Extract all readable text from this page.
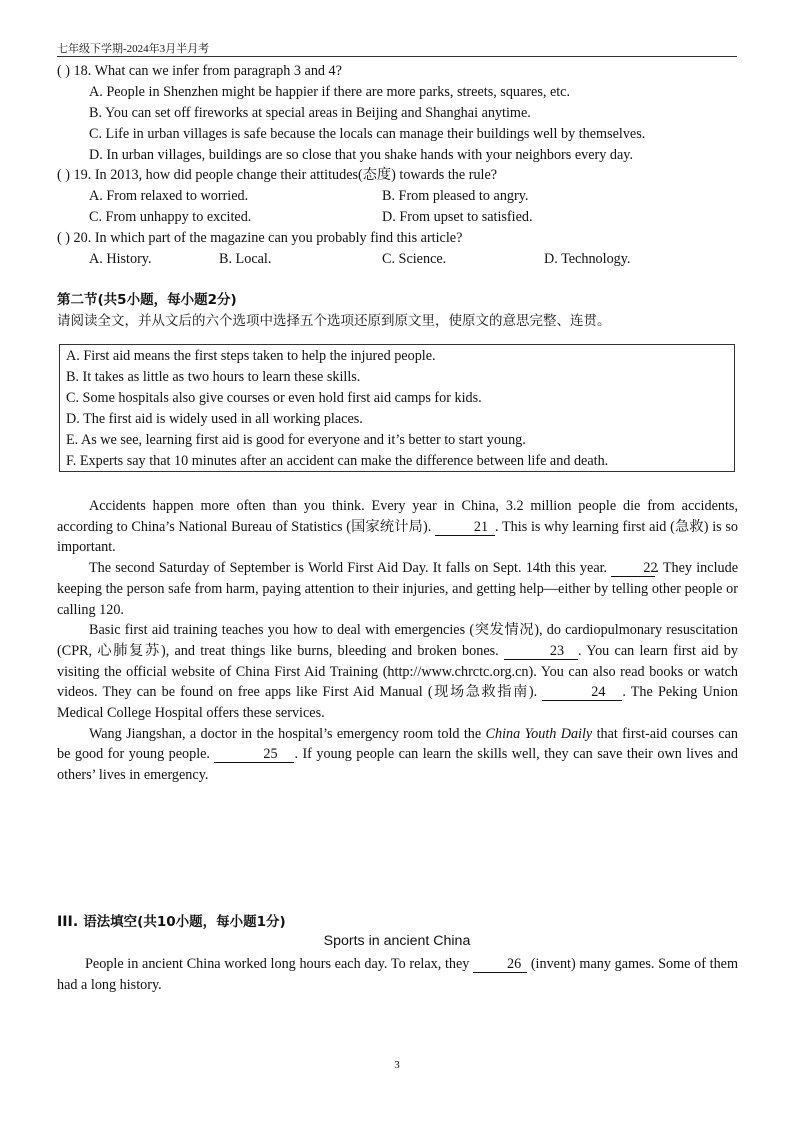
七年级下学期-2024年3月半月考
( ) 18. What can we infer from paragraph 3 and 4?
A. People in Shenzhen might be happier if there are more parks, streets, squares, etc.
B. You can set off fireworks at special areas in Beijing and Shanghai anytime.
C. Life in urban villages is safe because the locals can manage their buildings well by themselves.
D. In urban villages, buildings are so close that you shake hands with your neighbors every day.
( ) 19. In 2013, how did people change their attitudes(态度) towards the rule?
A. From relaxed to worried.	B. From pleased to angry.
C. From unhappy to excited.	D. From upset to satisfied.
( ) 20. In which part of the magazine can you probably find this article?
A. History.	B. Local.	C. Science.	D. Technology.
第二节(共5小题，每小题2分)
请阅读全文，并从文后的六个选项中选择五个选项还原到原文里，使原文的意思完整、连贯。
A. First aid means the first steps taken to help the injured people.
B. It takes as little as two hours to learn these skills.
C. Some hospitals also give courses or even hold first aid camps for kids.
D. The first aid is widely used in all working places.
E. As we see, learning first aid is good for everyone and it’s better to start young.
F. Experts say that 10 minutes after an accident can make the difference between life and death.

Accidents happen more often than you think. Every year in China, 3.2 million people die from accidents, according to China’s National Bureau of Statistics (国家统计局).	21 . This is why learning first aid (急救) is so important.

The second Saturday of September is World First Aid Day. It falls on Sept. 14th this year.	22. They include keeping the person safe from harm, paying attention to their injuries, and getting help—either by telling other people or calling 120.

Basic first aid training teaches you how to deal with emergencies (突发情况), do cardiopulmonary resuscitation (CPR, 心肺复苏), and treat things like burns, bleeding and broken bones.	23 . You can learn first aid by visiting the official website of China First Aid Training (http://www.chrctc.org.cn). You can also read books or watch videos. They can be found on free apps like First Aid Manual (现场急救指南).	24 . The Peking Union Medical College Hospital offers these services.

Wang Jiangshan, a doctor in the hospital’s emergency room told the China Youth Daily that first-aid courses can be good for young people.	25 . If young people can learn the skills well, they can save their own lives and others’ lives in emergency.

III. 语法填空(共10小题，每小题1分)
Sports in ancient China

People in ancient China worked long hours each day. To relax, they	26 (invent) many games. Some of them had a long history.

3
